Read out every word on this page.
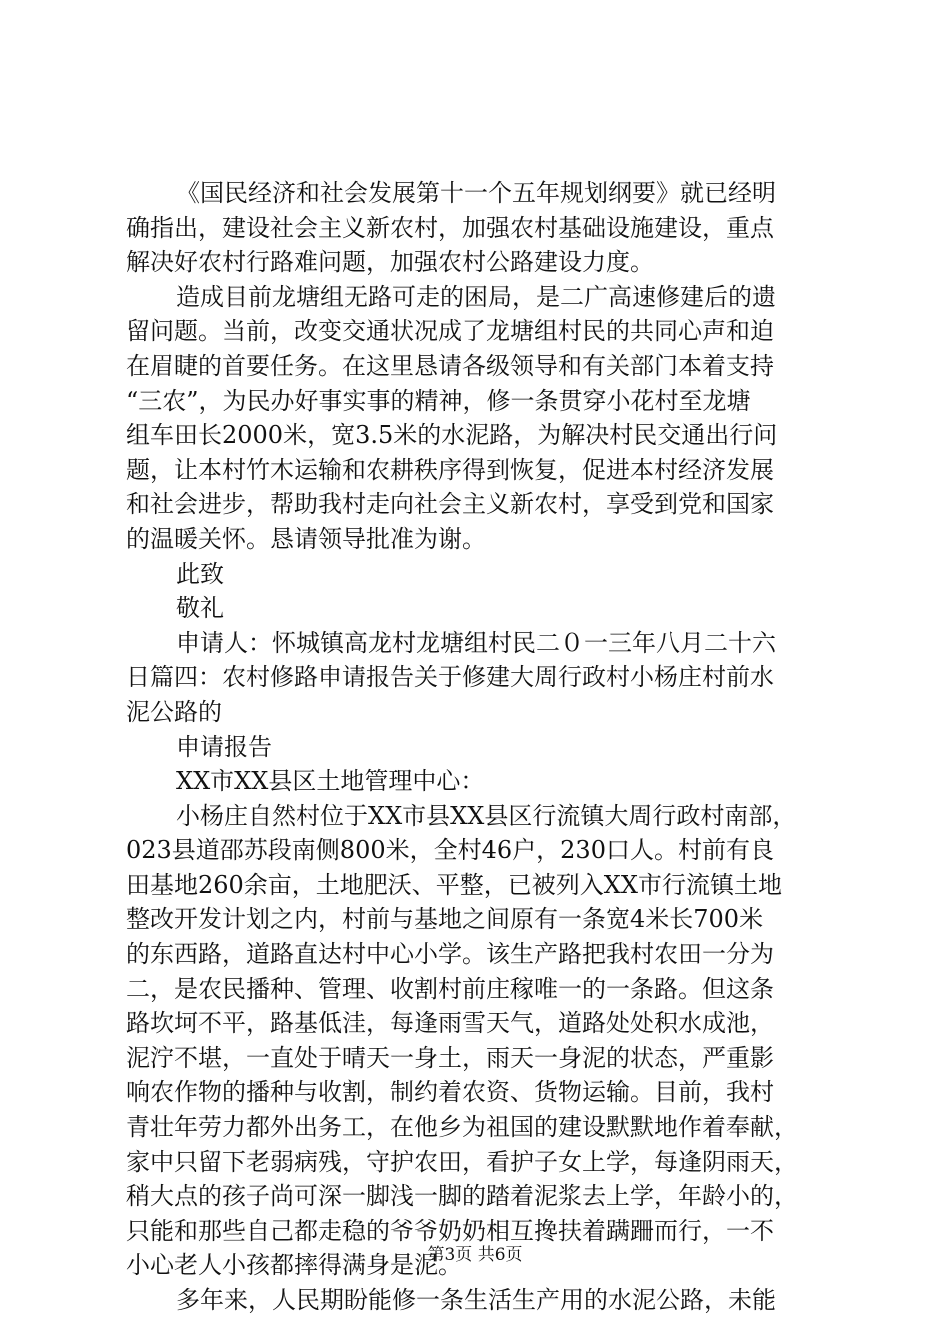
《国民经济和社会发展第十一个五年规划纲要》就已经明
确指出，建设社会主义新农村，加强农村基础设施建设，重点
解决好农村行路难问题，加强农村公路建设力度。
造成目前龙塘组无路可走的困局，是二广高速修建后的遗
留问题。当前，改变交通状况成了龙塘组村民的共同心声和迫
在眉睫的首要任务。在这里恳请各级领导和有关部门本着支持
“三农”，为民办好事实事的精神，修一条贯穿小花村至龙塘
组车田长2000米，宽3.5米的水泥路，为解决村民交通出行问
题，让本村竹木运输和农耕秩序得到恢复，促进本村经济发展
和社会进步，帮助我村走向社会主义新农村，享受到党和国家
的温暖关怀。恳请领导批准为谢。
此致
敬礼
申请人：怀城镇高龙村龙塘组村民二０一三年八月二十六
日篇四：农村修路申请报告关于修建大周行政村小杨庄村前水
泥公路的
申请报告
XX市XX县区土地管理中心：
小杨庄自然村位于XX市县XX县区行流镇大周行政村南部，
023县道邵苏段南侧800米，全村46户，230口人。村前有良
田基地260余亩，土地肥沃、平整，已被列入XX市行流镇土地
整改开发计划之内，村前与基地之间原有一条宽4米长700米
的东西路，道路直达村中心小学。该生产路把我村农田一分为
二，是农民播种、管理、收割村前庄稼唯一的一条路。但这条
路坎坷不平，路基低洼，每逢雨雪天气，道路处处积水成池，
泥泞不堪，一直处于晴天一身土，雨天一身泥的状态，严重影
响农作物的播种与收割，制约着农资、货物运输。目前，我村
青壮年劳力都外出务工，在他乡为祖国的建设默默地作着奉献，
家中只留下老弱病残，守护农田，看护子女上学，每逢阴雨天，
稍大点的孩子尚可深一脚浅一脚的踏着泥浆去上学，年龄小的，
只能和那些自己都走稳的爷爷奶奶相互搀扶着蹒跚而行，一不
小心老人小孩都摔得满身是泥。
多年来，人民期盼能修一条生活生产用的水泥公路，未能
第3页 共6页
